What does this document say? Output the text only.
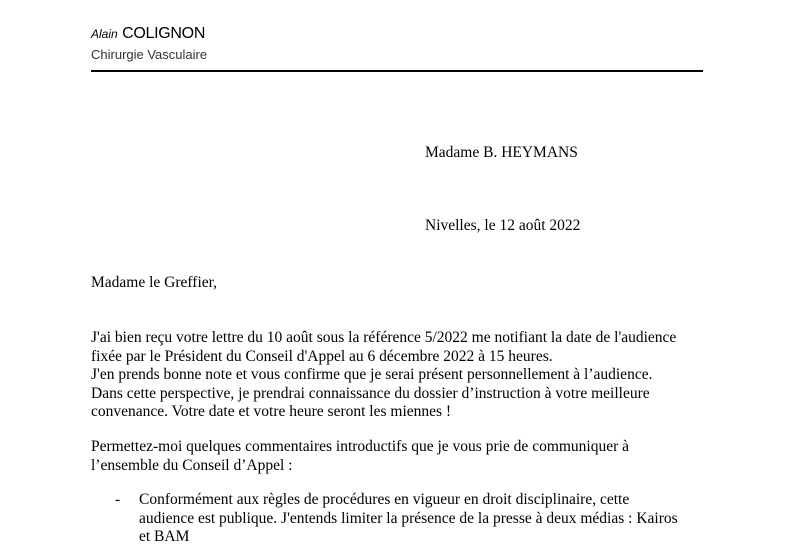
Alain COLIGNON
Chirurgie Vasculaire
Madame B. HEYMANS
Nivelles, le 12 août 2022
Madame le Greffier,
J'ai bien reçu votre lettre du 10 août sous la référence 5/2022 me notifiant la date de l'audience
fixée par le Président du Conseil d'Appel au 6 décembre 2022 à 15 heures.
J'en prends bonne note et vous confirme que je serai présent personnellement à l’audience.
Dans cette perspective, je prendrai connaissance du dossier d’instruction à votre meilleure
convenance. Votre date et votre heure seront les miennes !
Permettez-moi quelques commentaires introductifs que je vous prie de communiquer à
l’ensemble du Conseil d’Appel :
- Conformément aux règles de procédures en vigueur en droit disciplinaire, cette
audience est publique. J'entends limiter la présence de la presse à deux médias : Kairos
et BAM
